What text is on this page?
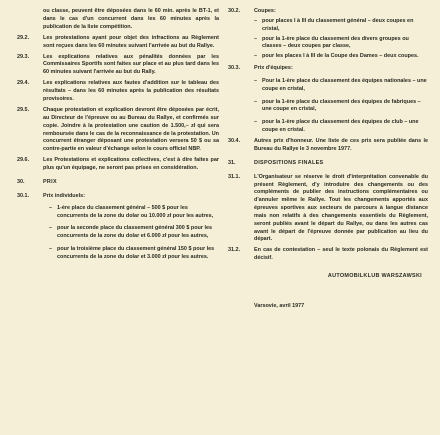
ou classe, peuvent être déposées dans le 60 min. après le BT-1, et dans le cas d'un concurrent dans les 60 minutes après la publication de la liste compétition.

29.2.	Les protestations ayant pour objet des infractions au Règlement sont reçues dans les 60 minutes suivant l'arrivée au but du Rallye.

29.3.	Les explications relatives aux pénalités données par les Commissaires Sportifs sont faites sur place et au plus tard dans les 60 minutes suivant l'arrivée au but du Rally.

29.4.	Les explications relatives aux fautes d'addition sur le tableau des résultats – dans les 60 minutes après la publication des résultats provisoires.

29.5.	Chaque protestation et explication devront être déposées par écrit, au Directeur de l'épreuve ou au Bureau du Rallye, et confirmés sur copie. Joindre à la protestation une caution de 1.500,– zł qui sera remboursée dans le cas de la reconnaissance de la protestation. Un concurrent étranger déposant une protestation versera 50 $ ou sa contre-partie en valeur d'échange selon le cours officiel NBP.

29.6.	Les Protestations et explications collectives, c'est à dire faites par plus qu'un équipage, ne seront pas prises en considération.

30.	PRIX
30.1.	Prix individuels:

– 1-ère place du classement général – 500 $ pour les concurrents de la zone du dolar ou 10.000 zł pour les autres,
– pour la seconde place du classement général 300 $ pour les concurrents de la zone du dolar et 6.000 zł pour les autres,
– pour la troisième place du classement général 150 $ pour les concurrents de la zone du dolar et 3.000 zł pour les autres.
30.2.	Coupes:

– pour places I à III du classement général – deux coupes en cristal,
– pour la 1-ère place du classement des divers groupes ou classes – deux coupes par classe,
– pour les places I à III de la Coupe des Dames – deux coupes.
30.3.	Prix d'équipes:

– Pour la 1-ère place du classement des équipes nationales – une coupe en cristal,
– pour la 1-ère place du classement des équipes de fabriques – une coupe en cristal,
– pour la 1-ère place du classement des équipes de club – une coupe en cristal.
30.4.	Autres prix d'honneur. Une liste de ces prix sera publiée dans le Bureau du Rallye le 3 novembre 1977.

31.	DISPOSITIONS FINALES
31.1.	L'Organisateur se réserve le droit d'interprétation convenable du présent Règlement, d'y introduire des changements ou des compléments de publier des instructions complémentaires ou d'annuler même le Rallye. Tout les changements apportés aux épreuves sportives aux secteurs de parcours à langue distance mais non relatifs à des changements essentiels du Règlement, seront publiés avant le départ du Rallye, ou dans les autres cas avant le départ de l'épreuve donnée par publication au lieu du départ.

31.2.	En cas de contestation – seul le texte polonais du Règlement est décisif.

AUTOMOBILKLUB WARSZAWSKI
Varsovie, avril 1977
